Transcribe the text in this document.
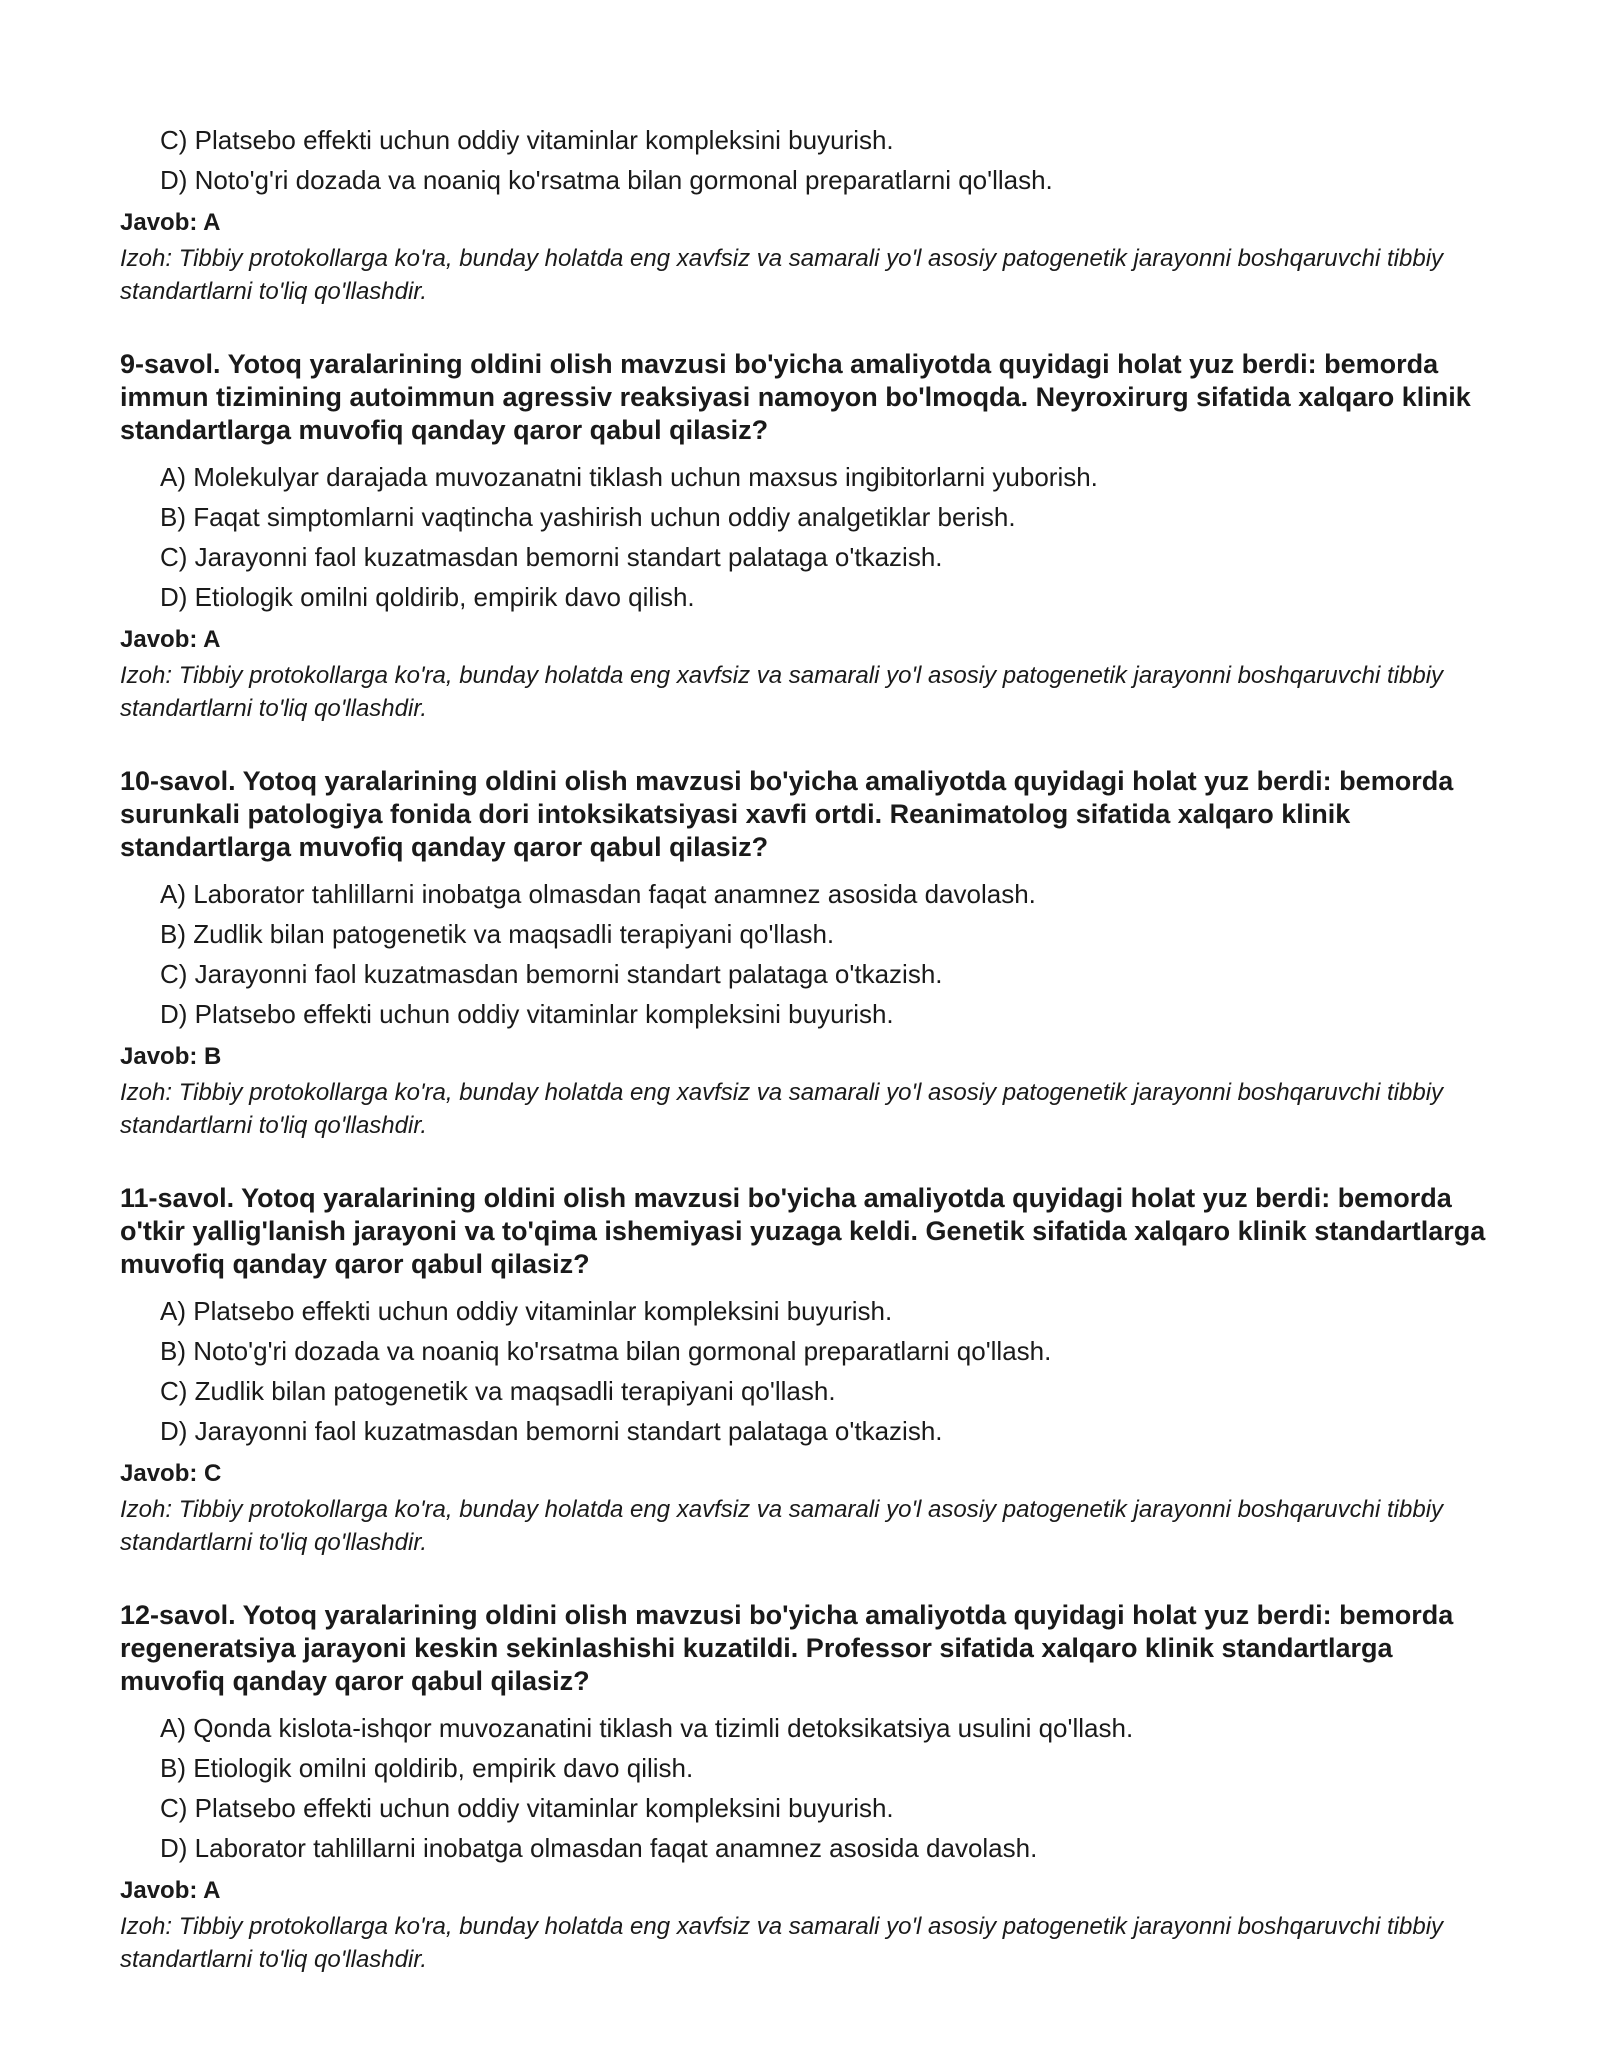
C) Platsebo effekti uchun oddiy vitaminlar kompleksini buyurish.
D) Noto'g'ri dozada va noaniq ko'rsatma bilan gormonal preparatlarni qo'llash.
Javob: A
Izoh: Tibbiy protokollarga ko'ra, bunday holatda eng xavfsiz va samarali yo'l asosiy patogenetik jarayonni boshqaruvchi tibbiy standartlarni to'liq qo'llashdir.
9-savol. Yotoq yaralarining oldini olish mavzusi bo'yicha amaliyotda quyidagi holat yuz berdi: bemorda immun tizimining autoimmun agressiv reaksiyasi namoyon bo'lmoqda. Neyroxirurg sifatida xalqaro klinik standartlarga muvofiq qanday qaror qabul qilasiz?
A) Molekulyar darajada muvozanatni tiklash uchun maxsus ingibitorlarni yuborish.
B) Faqat simptomlarni vaqtincha yashirish uchun oddiy analgetiklar berish.
C) Jarayonni faol kuzatmasdan bemorni standart palataga o'tkazish.
D) Etiologik omilni qoldirib, empirik davo qilish.
Javob: A
Izoh: Tibbiy protokollarga ko'ra, bunday holatda eng xavfsiz va samarali yo'l asosiy patogenetik jarayonni boshqaruvchi tibbiy standartlarni to'liq qo'llashdir.
10-savol. Yotoq yaralarining oldini olish mavzusi bo'yicha amaliyotda quyidagi holat yuz berdi: bemorda surunkali patologiya fonida dori intoksikatsiyasi xavfi ortdi. Reanimatolog sifatida xalqaro klinik standartlarga muvofiq qanday qaror qabul qilasiz?
A) Laborator tahlillarni inobatga olmasdan faqat anamnez asosida davolash.
B) Zudlik bilan patogenetik va maqsadli terapiyani qo'llash.
C) Jarayonni faol kuzatmasdan bemorni standart palataga o'tkazish.
D) Platsebo effekti uchun oddiy vitaminlar kompleksini buyurish.
Javob: B
Izoh: Tibbiy protokollarga ko'ra, bunday holatda eng xavfsiz va samarali yo'l asosiy patogenetik jarayonni boshqaruvchi tibbiy standartlarni to'liq qo'llashdir.
11-savol. Yotoq yaralarining oldini olish mavzusi bo'yicha amaliyotda quyidagi holat yuz berdi: bemorda o'tkir yallig'lanish jarayoni va to'qima ishemiyasi yuzaga keldi. Genetik sifatida xalqaro klinik standartlarga muvofiq qanday qaror qabul qilasiz?
A) Platsebo effekti uchun oddiy vitaminlar kompleksini buyurish.
B) Noto'g'ri dozada va noaniq ko'rsatma bilan gormonal preparatlarni qo'llash.
C) Zudlik bilan patogenetik va maqsadli terapiyani qo'llash.
D) Jarayonni faol kuzatmasdan bemorni standart palataga o'tkazish.
Javob: C
Izoh: Tibbiy protokollarga ko'ra, bunday holatda eng xavfsiz va samarali yo'l asosiy patogenetik jarayonni boshqaruvchi tibbiy standartlarni to'liq qo'llashdir.
12-savol. Yotoq yaralarining oldini olish mavzusi bo'yicha amaliyotda quyidagi holat yuz berdi: bemorda regeneratsiya jarayoni keskin sekinlashishi kuzatildi. Professor sifatida xalqaro klinik standartlarga muvofiq qanday qaror qabul qilasiz?
A) Qonda kislota-ishqor muvozanatini tiklash va tizimli detoksikatsiya usulini qo'llash.
B) Etiologik omilni qoldirib, empirik davo qilish.
C) Platsebo effekti uchun oddiy vitaminlar kompleksini buyurish.
D) Laborator tahlillarni inobatga olmasdan faqat anamnez asosida davolash.
Javob: A
Izoh: Tibbiy protokollarga ko'ra, bunday holatda eng xavfsiz va samarali yo'l asosiy patogenetik jarayonni boshqaruvchi tibbiy standartlarni to'liq qo'llashdir.
